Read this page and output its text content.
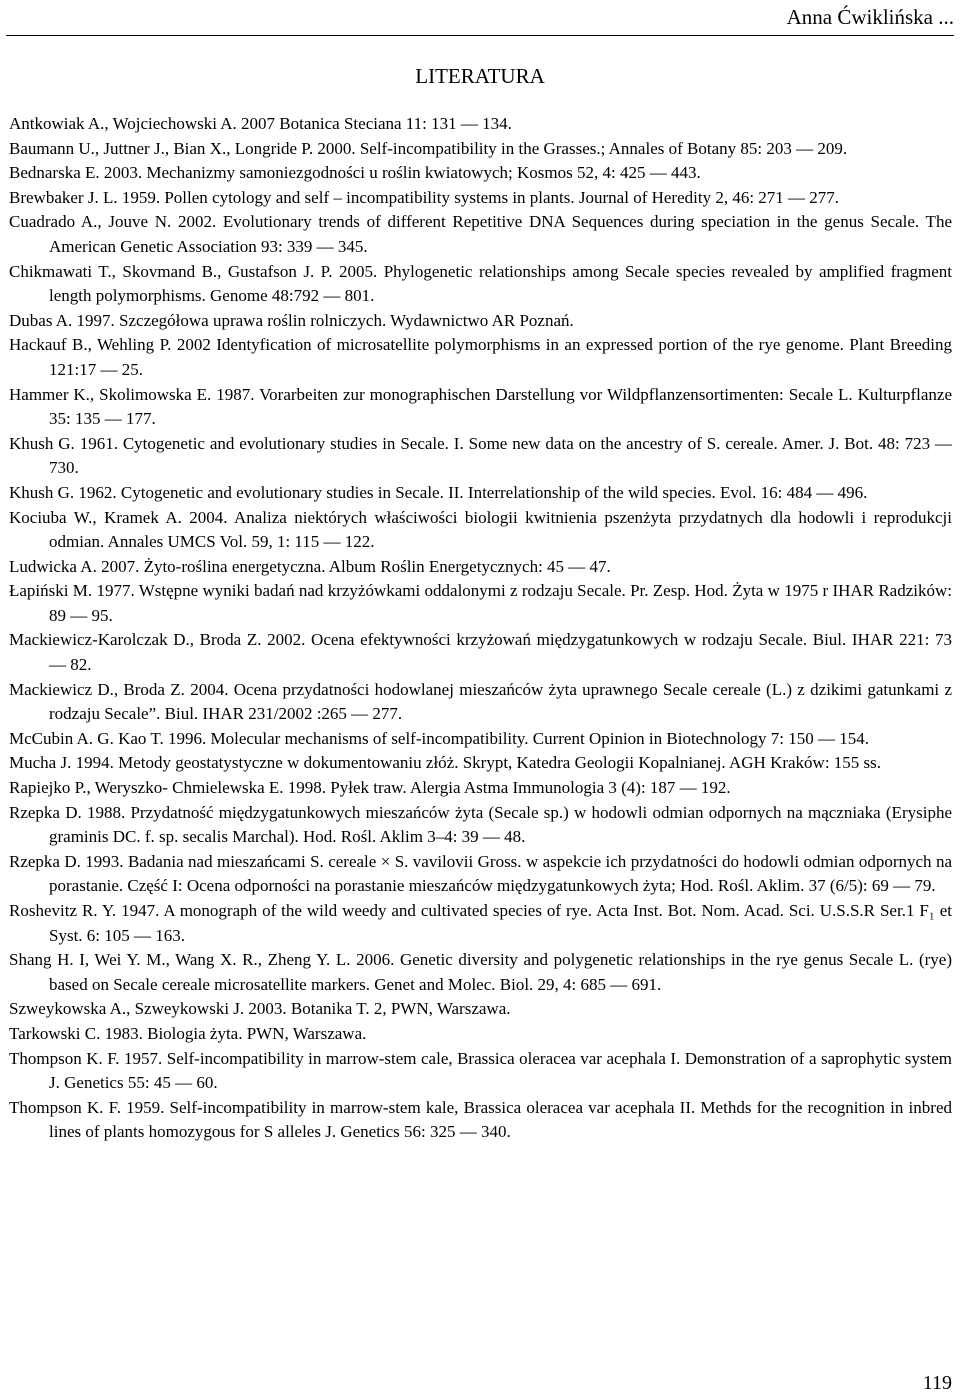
Anna Ćwiklińska ...
LITERATURA
Antkowiak A., Wojciechowski A. 2007 Botanica Steciana 11: 131 — 134.
Baumann U., Juttner J., Bian X., Longride P. 2000. Self-incompatibility in the Grasses.; Annales of Botany 85: 203 — 209.
Bednarska E. 2003. Mechanizmy samoniezgodności u roślin kwiatowych; Kosmos 52, 4: 425 — 443.
Brewbaker J. L. 1959. Pollen cytology and self – incompatibility systems in plants. Journal of Heredity 2, 46: 271 — 277.
Cuadrado A., Jouve N. 2002. Evolutionary trends of different Repetitive DNA Sequences during speciation in the genus Secale. The American Genetic Association 93: 339 — 345.
Chikmawati T., Skovmand B., Gustafson J. P. 2005. Phylogenetic relationships among Secale species revealed by amplified fragment length polymorphisms. Genome 48:792 — 801.
Dubas A. 1997. Szczegółowa uprawa roślin rolniczych. Wydawnictwo AR Poznań.
Hackauf B., Wehling P. 2002 Identyfication of microsatellite polymorphisms in an expressed portion of the rye genome. Plant Breeding 121:17 — 25.
Hammer K., Skolimowska E. 1987. Vorarbeiten zur monographischen Darstellung vor Wildpflanzensortimenten: Secale L. Kulturpflanze 35: 135 — 177.
Khush G. 1961. Cytogenetic and evolutionary studies in Secale. I. Some new data on the ancestry of S. cereale. Amer. J. Bot. 48: 723 — 730.
Khush G. 1962. Cytogenetic and evolutionary studies in Secale. II. Interrelationship of the wild species. Evol. 16: 484 — 496.
Kociuba W., Kramek A. 2004. Analiza niektórych właściwości biologii kwitnienia pszenżyta przydatnych dla hodowli i reprodukcji odmian. Annales UMCS Vol. 59, 1: 115 — 122.
Ludwicka A. 2007. Żyto-roślina energetyczna. Album Roślin Energetycznych: 45 — 47.
Łapiński M. 1977. Wstępne wyniki badań nad krzyżówkami oddalonymi z rodzaju Secale. Pr. Zesp. Hod. Żyta w 1975 r IHAR Radzików: 89 — 95.
Mackiewicz-Karolczak D., Broda Z. 2002. Ocena efektywności krzyżowań międzygatunkowych w rodzaju Secale. Biul. IHAR 221: 73 — 82.
Mackiewicz D., Broda Z. 2004. Ocena przydatności hodowlanej mieszańców żyta uprawnego Secale cereale (L.) z dzikimi gatunkami z rodzaju Secale”. Biul. IHAR 231/2002 :265 — 277.
McCubin A. G. Kao T. 1996. Molecular mechanisms of self-incompatibility. Current Opinion in Biotechnology 7: 150 — 154.
Mucha J. 1994. Metody geostatystyczne w dokumentowaniu złóż. Skrypt, Katedra Geologii Kopalnianej. AGH Kraków: 155 ss.
Rapiejko P., Weryszko- Chmielewska E. 1998. Pyłek traw. Alergia Astma Immunologia 3 (4): 187 — 192.
Rzepka D. 1988. Przydatność międzygatunkowych mieszańców żyta (Secale sp.) w hodowli odmian odpornych na mączniaka (Erysiphe graminis DC. f. sp. secalis Marchal). Hod. Rośl. Aklim 3–4: 39 — 48.
Rzepka D. 1993. Badania nad mieszańcami S. cereale × S. vavilovii Gross. w aspekcie ich przydatności do hodowli odmian odpornych na porastanie. Część I: Ocena odporności na porastanie mieszańców międzygatunkowych żyta; Hod. Rośl. Aklim. 37 (6/5): 69 — 79.
Roshevitz R. Y. 1947. A monograph of the wild weedy and cultivated species of rye. Acta Inst. Bot. Nom. Acad. Sci. U.S.S.R Ser.1 F₁ et Syst. 6: 105 — 163.
Shang H. I, Wei Y. M., Wang X. R., Zheng Y. L. 2006. Genetic diversity and polygenetic relationships in the rye genus Secale L. (rye) based on Secale cereale microsatellite markers. Genet and Molec. Biol. 29, 4: 685 — 691.
Szweykowska A., Szweykowski J. 2003. Botanika T. 2, PWN, Warszawa.
Tarkowski C. 1983. Biologia żyta. PWN, Warszawa.
Thompson K. F. 1957. Self-incompatibility in marrow-stem cale, Brassica oleracea var acephala I. Demonstration of a saprophytic system J. Genetics 55: 45 — 60.
Thompson K. F. 1959. Self-incompatibility in marrow-stem kale, Brassica oleracea var acephala II. Methds for the recognition in inbred lines of plants homozygous for S alleles J. Genetics 56: 325 — 340.
119
